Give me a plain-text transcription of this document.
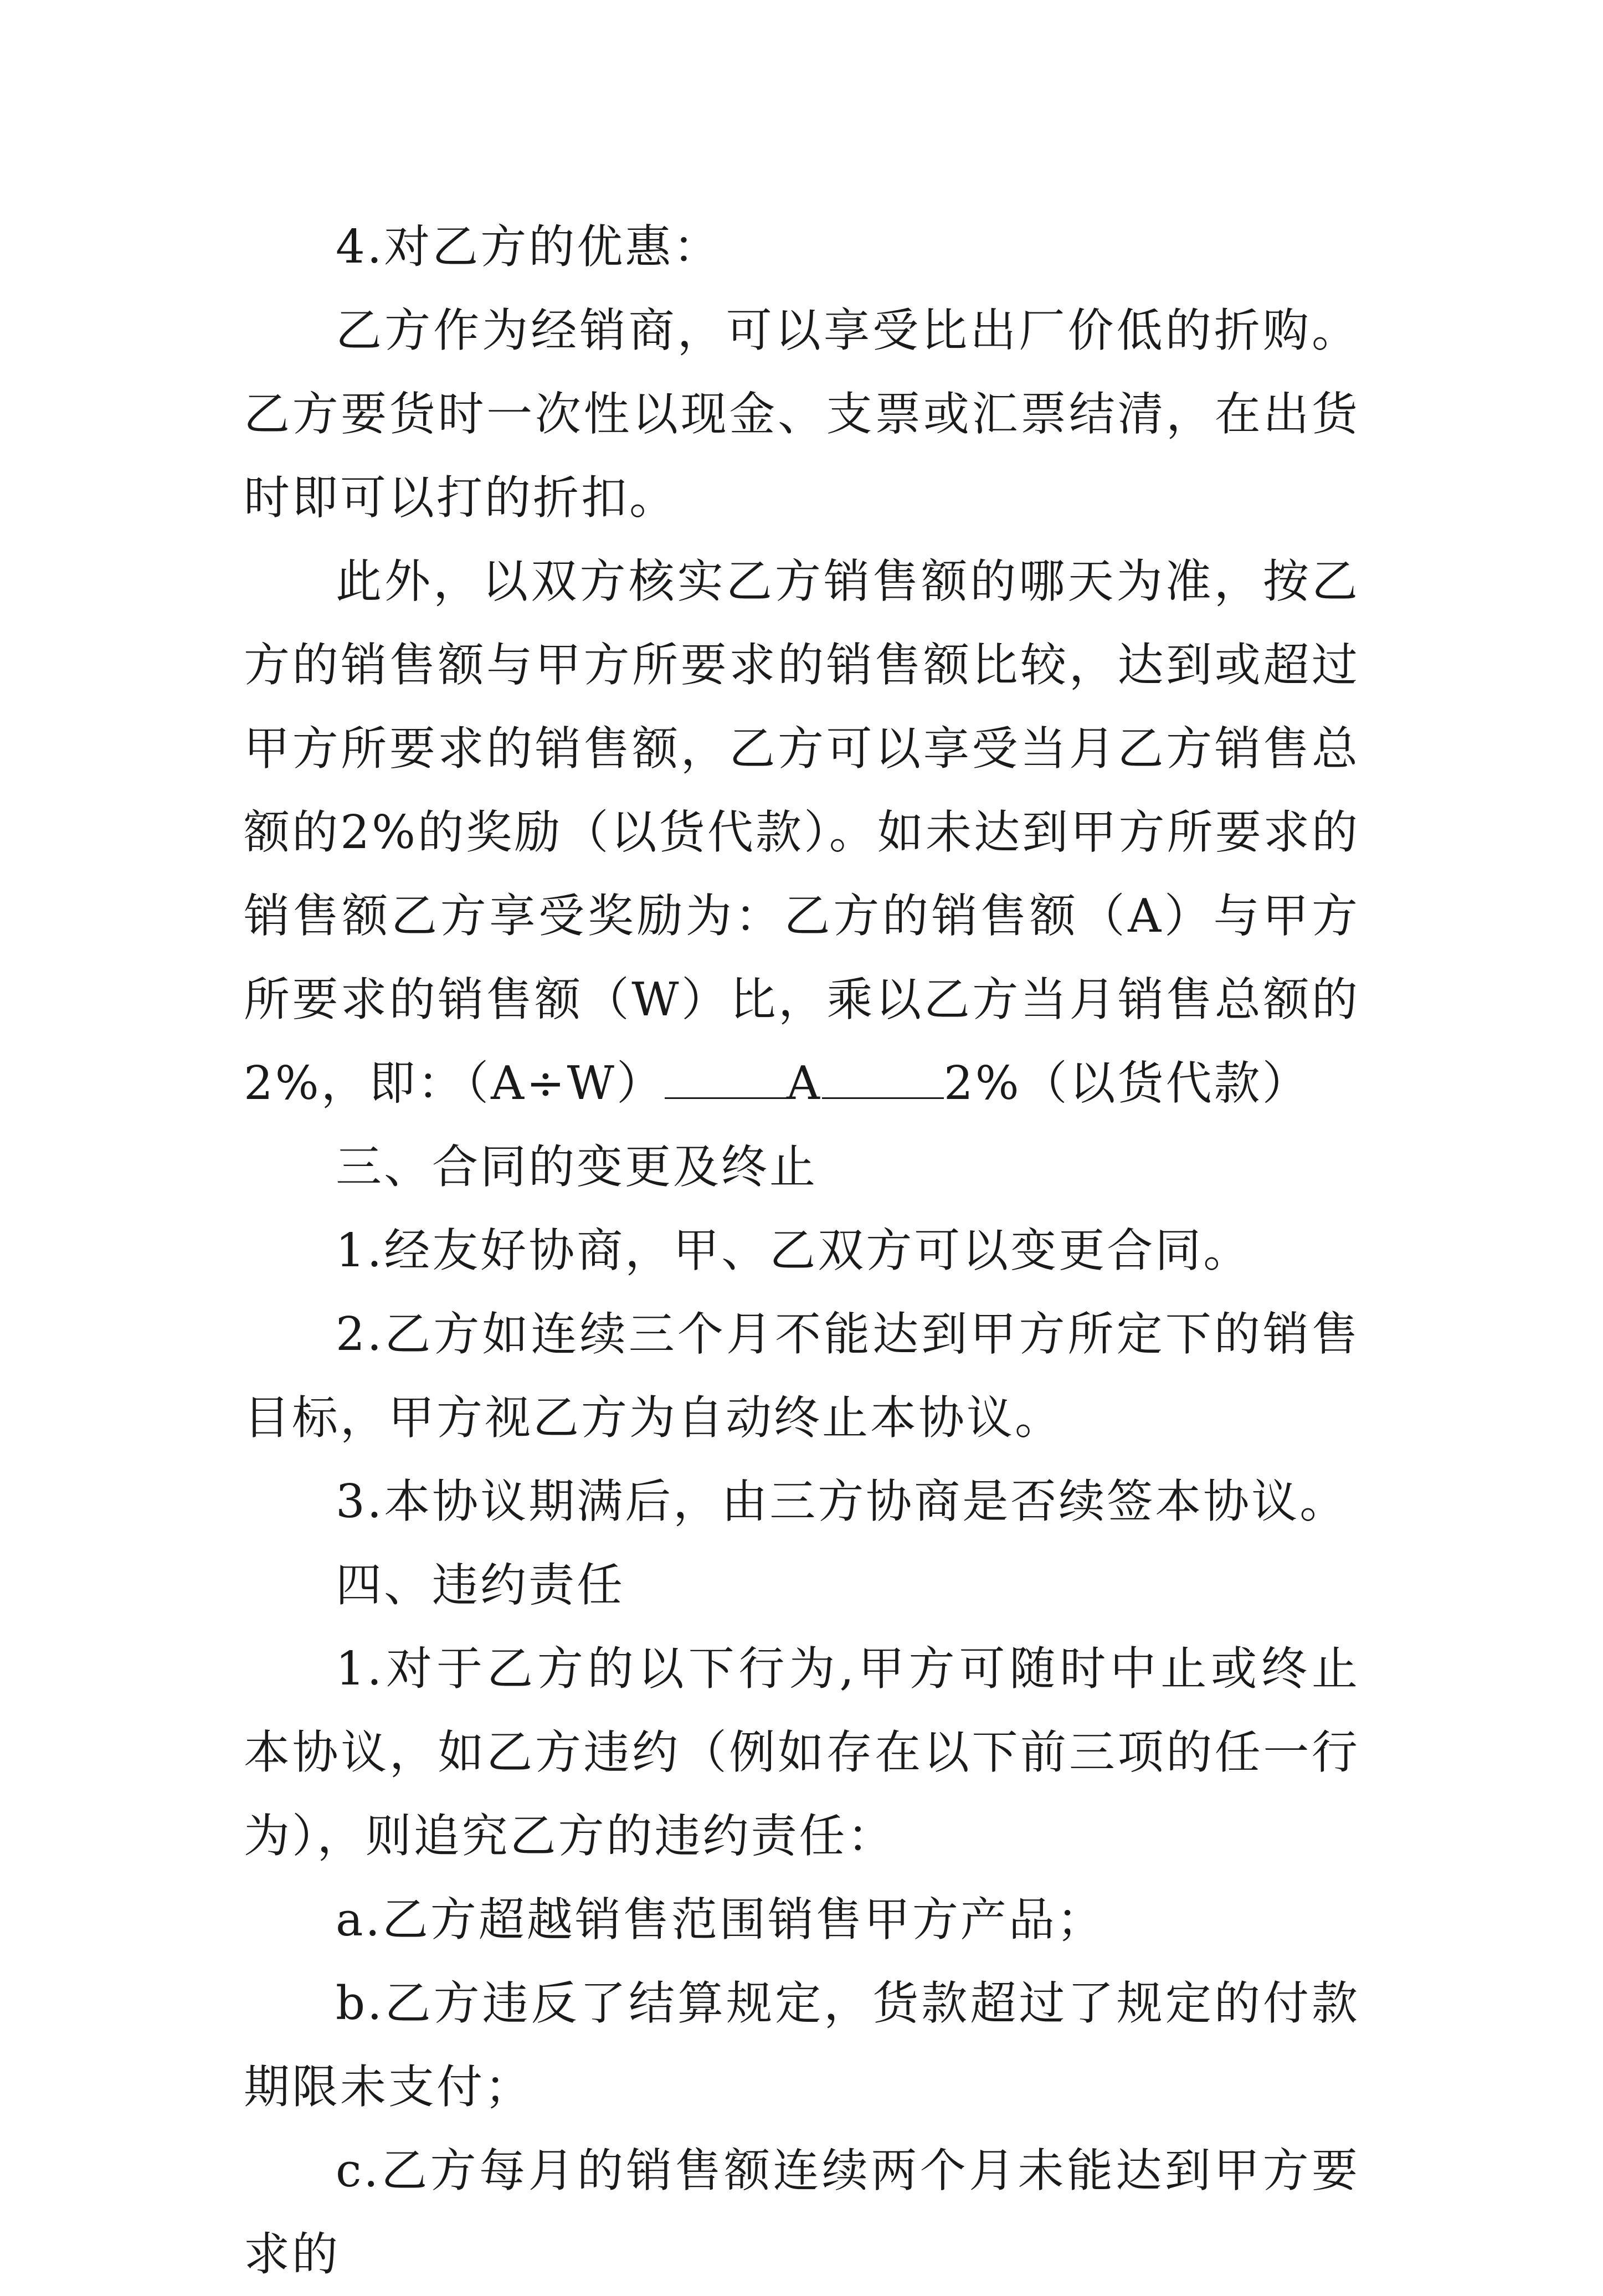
4.对乙方的优惠：

乙方作为经销商，可以享受比出厂价低的折购。乙方要货时一次性以现金、支票或汇票结清，在出货时即可以打的折扣。

此外，以双方核实乙方销售额的哪天为准，按乙方的销售额与甲方所要求的销售额比较，达到或超过甲方所要求的销售额，乙方可以享受当月乙方销售总额的2%的奖励（以货代款）。如未达到甲方所要求的销售额乙方享受奖励为：乙方的销售额（A）与甲方所要求的销售额（W）比，乘以乙方当月销售总额的2%，即：（A÷W）	A	2%（以货代款）

三、合同的变更及终止

1.经友好协商，甲、乙双方可以变更合同。

2.乙方如连续三个月不能达到甲方所定下的销售目标，甲方视乙方为自动终止本协议。

3.本协议期满后，由三方协商是否续签本协议。

四、违约责任

1.对于乙方的以下行为,甲方可随时中止或终止本协议，如乙方违约（例如存在以下前三项的任一行为），则追究乙方的违约责任：

a.乙方超越销售范围销售甲方产品；

b.乙方违反了结算规定，货款超过了规定的付款期限未支付；

c.乙方每月的销售额连续两个月未能达到甲方要求的
